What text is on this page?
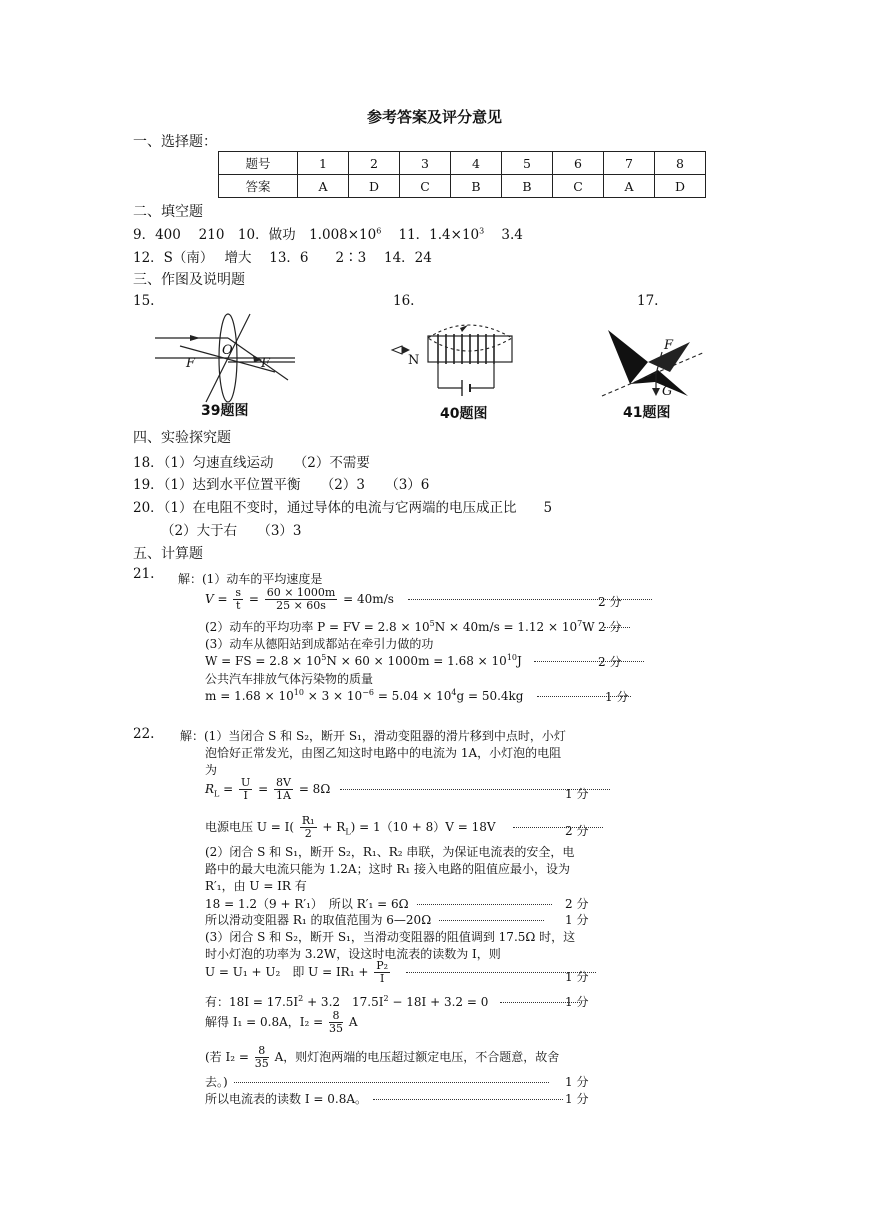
参考答案及评分意见
一、选择题：
题号	1	2	3	4	5	6	7	8
答案	A	D	C	B	B	C	A	D
二、填空题
9．400　 210　10．做功　$1.008\times 10^6$ 11．$1.4\times 10^3$ 3.4
12．S（南）　 增大　 13．6　　2∶3　 14．24
三、作图及说明题
15.	16.	17.
F	F
O
39题图
N
40题图
F
G
41题图
四、实验探究题
18．（1）匀速直线运动　　（2）不需要
19．（1）达到水平位置平衡　　（2）3　　（3）6
20．（1）在电阻不变时，通过导体的电流与它两端的电压成正比　　5
（2）大于右　　（3）3
五、计算题
21. 解：(1）动车的平均速度是
$V = \frac{s}{t} = \frac{60 \times 1000m}{25 \times 60s} = 40m/s$	2 分
(2）动车的平均功率 P = FV = $2.8 \times 10^5N \times 40m/s = 1.12 \times 10^7W$ 2 分
(3）动车从德阳站到成都站在牵引力做的功
W = FS = $2.8 \times 10^5N \times 60 \times 1000m = 1.68 \times 10^{10}J$	2 分
公共汽车排放气体污染物的质量
$m = 1.68 \times 10^{10} \times 3 \times 10^{-6} = 5.04 \times 10^4g = 50.4kg$	1 分
22. 解：(1）当闭合 S 和 S₂，断开 S₁，滑动变阻器的滑片移到中点时，小灯
泡恰好正常发光，由图乙知这时电路中的电流为 1A，小灯泡的电阻
为
$R_L = \frac{U}{I} = \frac{8V}{1A} = 8\Omega$	1 分
电源电压 $U = I( \frac{\text{R₁}}{2} + R_L) = 1(10 + 8)V = 18V$	2 分
(2）闭合 S 和 S₁，断开 S₂，R₁、R₂ 串联，为保证电流表的安全，电
路中的最大电流只能为 1.2A；这时 R₁ 接入电路的阻值应最小，设为
R′₁，由 U = IR 有
18 = 1.2（9 + R′₁）　所以 R′₁ = 6Ω	2 分
所以滑动变阻器 R₁ 的取值范围为 6—20Ω	1 分
(3）闭合 S 和 S₂，断开 S₁，当滑动变阻器的阻值调到 17.5Ω 时，这
时小灯泡的功率为 3.2W，设这时电流表的读数为 I，则
U = U₁ + U₂　即 $U = IR_1 + \frac{\text{P₂}}{I}$
	1 分
有：$18I = 17.5I^2 + 3.2$　$17.5I^2 - 18I + 3.2 = 0$	1 分
解得 I₁ = 0.8A，$I_2 = \frac{8}{35}$ A
(若 $I_2 = \frac{8}{35}$ A，则灯泡两端的电压超过额定电压，不合题意，故舍
去。)	1 分
所以电流表的读数 I = 0.8A。	1 分
